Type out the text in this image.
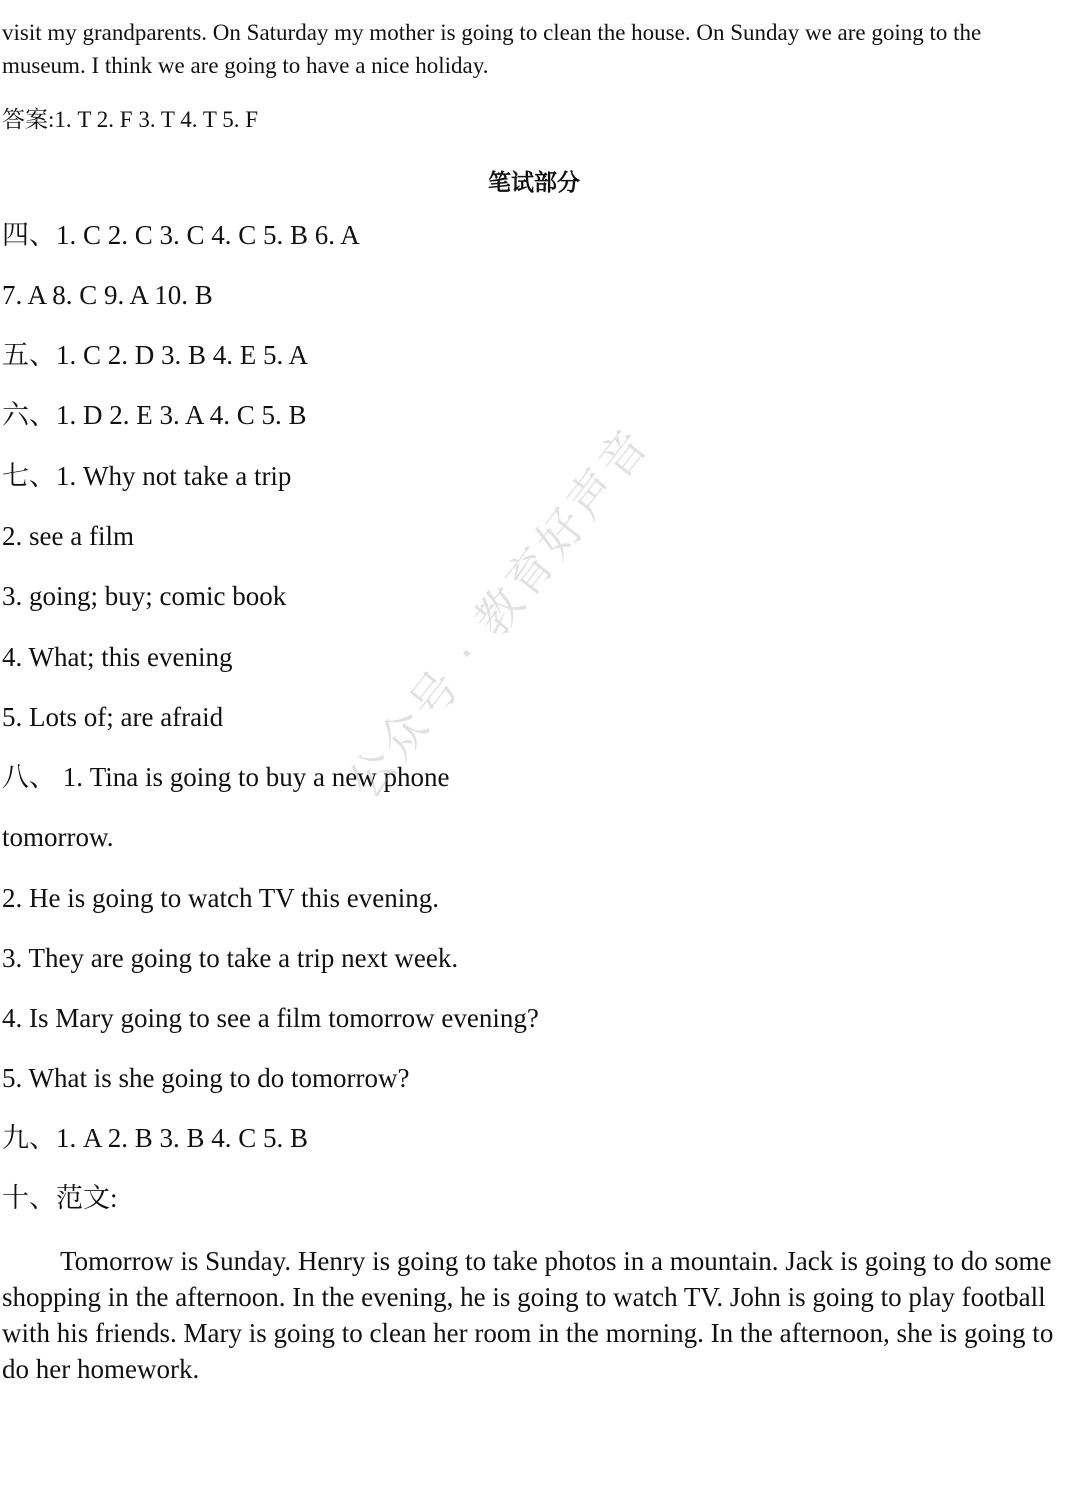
visit my grandparents. On Saturday my mother is going to clean the house. On Sunday we are going to the museum. I think we are going to have a nice holiday.

答案:1. T 2. F 3. T 4. T 5. F
笔试部分
四、1. C 2. C 3. C 4. C 5. B 6. A
7. A 8. C 9. A 10. B
五、1. C 2. D 3. B 4. E 5. A
六、1. D 2. E 3. A 4. C 5. B
七、1. Why not take a trip
2. see a film
3. going; buy; comic book
4. What; this evening
5. Lots of; are afraid
八、 1. Tina is going to buy a new phone
tomorrow.
2. He is going to watch TV this evening.
3. They are going to take a trip next week.
4. Is Mary going to see a film tomorrow evening?
5. What is she going to do tomorrow?
九、1. A 2. B 3. B 4. C 5. B
十、范文:

Tomorrow is Sunday. Henry is going to take photos in a mountain. Jack is going to do some shopping in the afternoon. In the evening, he is going to watch TV. John is going to play football with his friends. Mary is going to clean her room in the morning. In the afternoon, she is going to do her homework.

公众号 · 教育好声音
